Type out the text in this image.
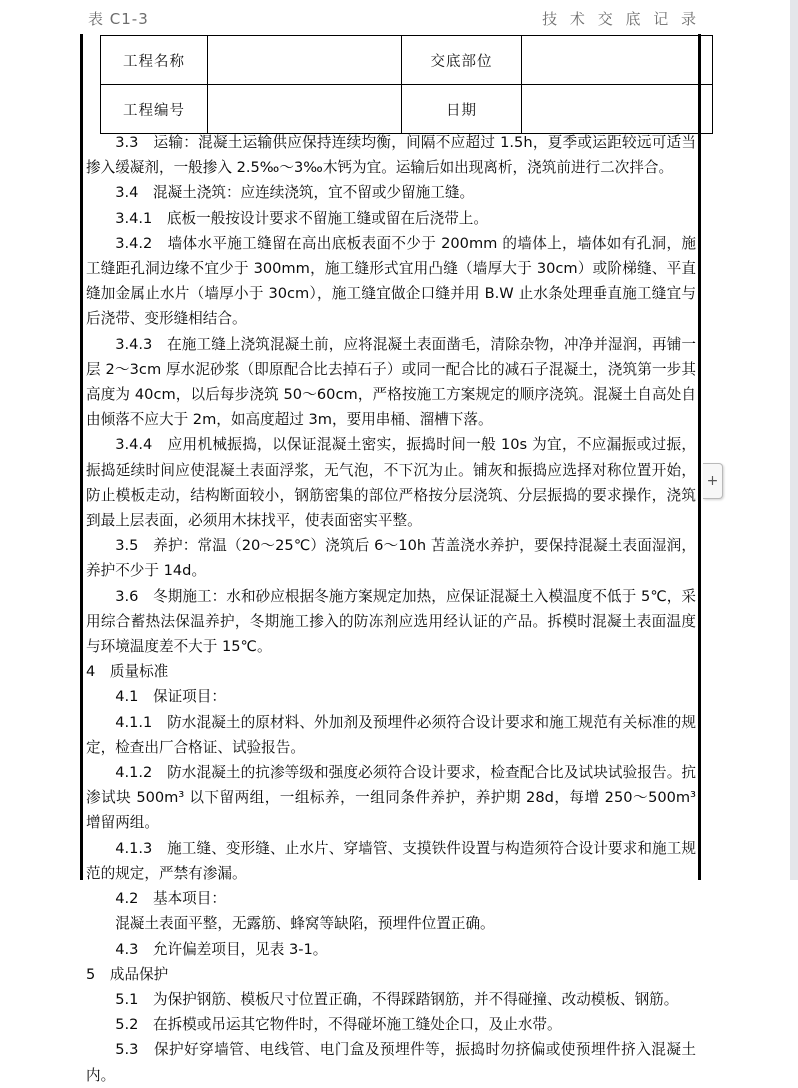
表 C1-3	技 术 交 底 记 录
工程名称		交底部位	
工程编号		日期	

3.3　运输：混凝土运输供应保持连续均衡，间隔不应超过 1.5h，夏季或运距较远可适当掺入缓凝剂，一般掺入 2.5‰～3‰木钙为宜。运输后如出现离析，浇筑前进行二次拌合。

3.4　混凝土浇筑：应连续浇筑，宜不留或少留施工缝。

3.4.1　底板一般按设计要求不留施工缝或留在后浇带上。

3.4.2　墙体水平施工缝留在高出底板表面不少于 200mm 的墙体上，墙体如有孔洞，施工缝距孔洞边缘不宜少于 300mm，施工缝形式宜用凸缝（墙厚大于 30cm）或阶梯缝、平直缝加金属止水片（墙厚小于 30cm），施工缝宜做企口缝并用 B.W 止水条处理垂直施工缝宜与后浇带、变形缝相结合。

3.4.3　在施工缝上浇筑混凝土前，应将混凝土表面凿毛，清除杂物，冲净并湿润，再铺一层 2～3cm 厚水泥砂浆（即原配合比去掉石子）或同一配合比的减石子混凝土，浇筑第一步其高度为 40cm，以后每步浇筑 50～60cm，严格按施工方案规定的顺序浇筑。混凝土自高处自由倾落不应大于 2m，如高度超过 3m，要用串桶、溜槽下落。

3.4.4　应用机械振捣，以保证混凝土密实，振捣时间一般 10s 为宜，不应漏振或过振，振捣延续时间应使混凝土表面浮浆，无气泡，不下沉为止。铺灰和振捣应选择对称位置开始，防止模板走动，结构断面较小，钢筋密集的部位严格按分层浇筑、分层振捣的要求操作，浇筑到最上层表面，必须用木抹找平，使表面密实平整。

3.5　养护：常温（20～25℃）浇筑后 6～10h 苫盖浇水养护，要保持混凝土表面湿润，养护不少于 14d。

3.6　冬期施工：水和砂应根据冬施方案规定加热，应保证混凝土入模温度不低于 5℃，采用综合蓄热法保温养护，冬期施工掺入的防冻剂应选用经认证的产品。拆模时混凝土表面温度与环境温度差不大于 15℃。

4　质量标准

4.1　保证项目：

4.1.1　防水混凝土的原材料、外加剂及预埋件必须符合设计要求和施工规范有关标准的规定，检查出厂合格证、试验报告。

4.1.2　防水混凝土的抗渗等级和强度必须符合设计要求，检查配合比及试块试验报告。抗渗试块 500m³ 以下留两组，一组标养，一组同条件养护，养护期 28d，每增 250～500m³ 增留两组。

4.1.3　施工缝、变形缝、止水片、穿墙管、支摸铁件设置与构造须符合设计要求和施工规范的规定，严禁有渗漏。

4.2　基本项目：

混凝土表面平整，无露筋、蜂窝等缺陷，预埋件位置正确。

4.3　允许偏差项目，见表 3-1。

5　成品保护

5.1　为保护钢筋、模板尺寸位置正确，不得踩踏钢筋，并不得碰撞、改动模板、钢筋。

5.2　在拆模或吊运其它物件时，不得碰坏施工缝处企口，及止水带。

5.3　保护好穿墙管、电线管、电门盒及预埋件等，振捣时勿挤偏或使预埋件挤入混凝土内。

+
